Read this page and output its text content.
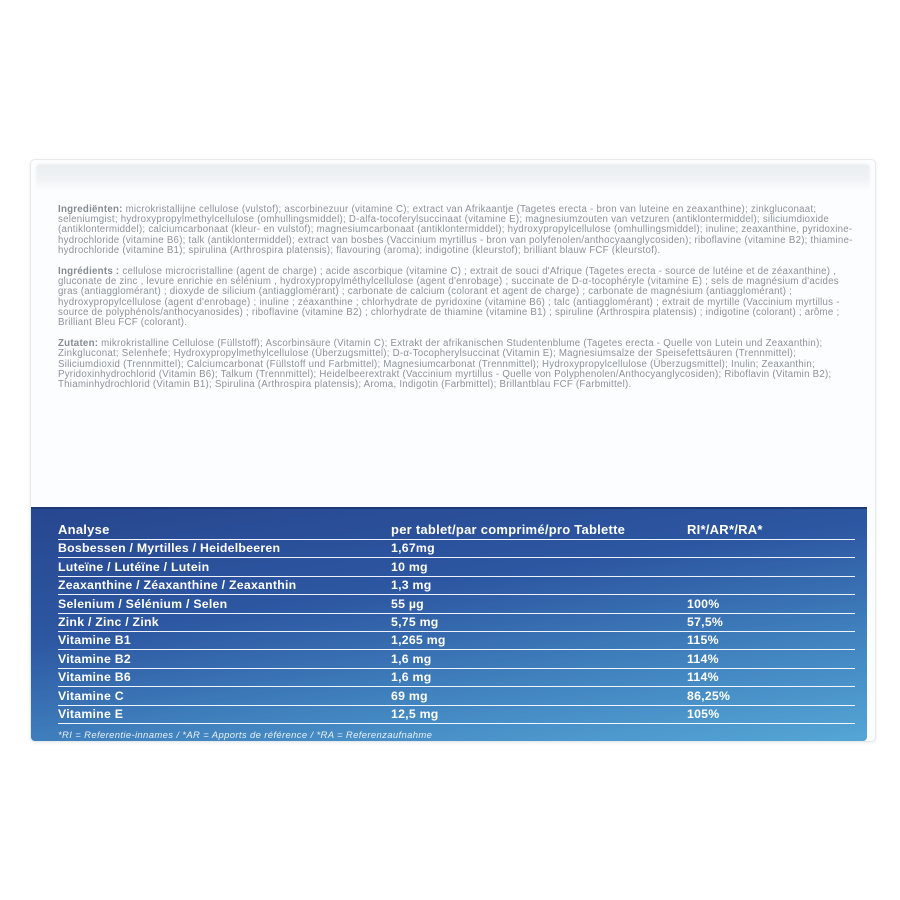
Ingrediënten: microkristallijne cellulose (vulstof); ascorbinezuur (vitamine C); extract van Afrikaantje (Tagetes erecta - bron van luteine en zeaxanthine); zinkgluconaat; seleniumgist; hydroxypropylmethylcellulose (omhullingsmiddel); D-alfa-tocoferylsuccinaat (vitamine E); magnesiumzouten van vetzuren (antiklontermiddel); siliciumdioxide (antiklontermiddel); calciumcarbonaat (kleur- en vulstof); magnesiumcarbonaat (antiklontermiddel); hydroxypropylcellulose (omhullingsmiddel); inuline; zeaxanthine, pyridoxine-hydrochloride (vitamine B6); talk (antiklontermiddel); extract van bosbes (Vaccinium myrtillus - bron van polyfenolen/anthocyaanglycosiden); riboflavine (vitamine B2); thiamine-hydrochloride (vitamine B1); spirulina (Arthrospira platensis); flavouring (aroma); indigotine (kleurstof); brilliant blauw FCF (kleurstof).

Ingrédients : cellulose microcristalline (agent de charge) ; acide ascorbique (vitamine C) ; extrait de souci d'Afrique (Tagetes erecta - source de lutéine et de zéaxanthine) , gluconate de zinc , levure enrichie en sélénium , hydroxypropylméthylcellulose (agent d'enrobage) ; succinate de D-α-tocophéryle (vitamine E) ; sels de magnésium d'acides gras (antiagglomérant) ; dioxyde de silicium (antiagglomérant) ; carbonate de calcium (colorant et agent de charge) ; carbonate de magnésium (antiagglomérant) ; hydroxypropylcellulose (agent d'enrobage) ; inuline ; zéaxanthine ; chlorhydrate de pyridoxine (vitamine B6) ; talc (antiagglomérant) ; extrait de myrtille (Vaccinium myrtillus - source de polyphénols/anthocyanosides) ; riboflavine (vitamine B2) ; chlorhydrate de thiamine (vitamine B1) ; spiruline (Arthrospira platensis) ; indigotine (colorant) ; arôme ; Brilliant Bleu FCF (colorant).

Zutaten: mikrokristalline Cellulose (Füllstoff); Ascorbinsäure (Vitamin C); Extrakt der afrikanischen Studentenblume (Tagetes erecta - Quelle von Lutein und Zeaxanthin); Zinkgluconat; Selenhefe; Hydroxypropylmethylcellulose (Überzugsmittel); D-α-Tocopherylsuccinat (Vitamin E); Magnesiumsalze der Speisefettsäuren (Trennmittel); Siliciumdioxid (Trennmittel); Calciumcarbonat (Füllstoff und Farbmittel); Magnesiumcarbonat (Trennmittel); Hydroxypropylcellulose (Überzugsmittel); Inulin; Zeaxanthin; Pyridoxinhydrochlorid (Vitamin B6); Talkum (Trennmittel); Heidelbeerextrakt (Vaccinium myrtillus - Quelle von Polyphenolen/Anthocyanglycosiden); Riboflavin (Vitamin B2); Thiaminhydrochlorid (Vitamin B1); Spirulina (Arthrospira platensis); Aroma, Indigotin (Farbmittel); Brillantblau FCF (Farbmittel).

Analyse	per tablet/par comprimé/pro Tablette	RI*/AR*/RA*
Bosbessen / Myrtilles / Heidelbeeren	1,67mg
Luteïne / Lutéïne / Lutein	10 mg
Zeaxanthine / Zéaxanthine / Zeaxanthin	1,3 mg
Selenium / Sélénium / Selen	55 µg	100%
Zink / Zinc / Zink	5,75 mg	57,5%
Vitamine B1	1,265 mg	115%
Vitamine B2	1,6 mg	114%
Vitamine B6	1,6 mg	114%
Vitamine C	69 mg	86,25%
Vitamine E	12,5 mg	105%
*RI = Referentie-innames / *AR = Apports de référence / *RA = Referenzaufnahme
